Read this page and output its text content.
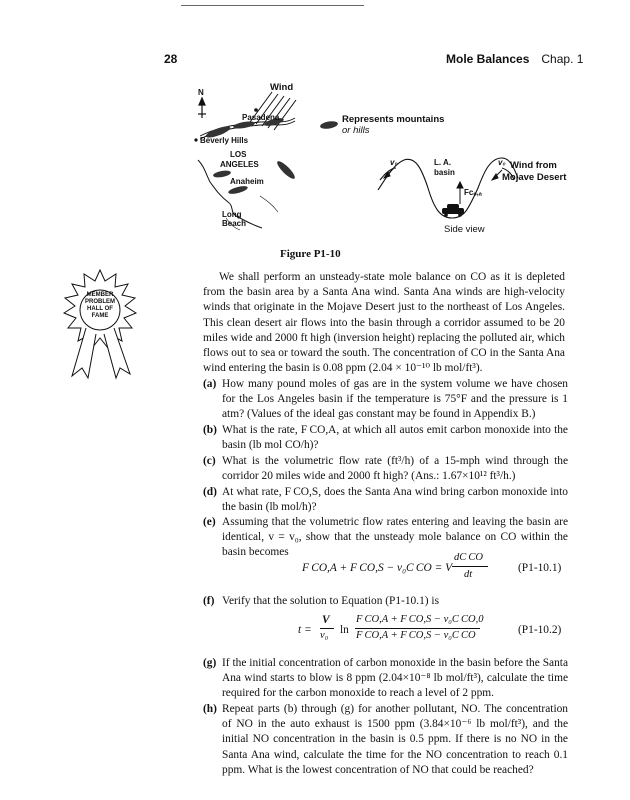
28	Mole Balances Chap. 1
N	Wind
Pasadena
Beverly Hills
LOS
ANGELES
Anaheim
Long
Beach
Represents mountains
or hills
v₀	L. A.
basin
v₀ Wind from
Mojave Desert
Fᴄₒ,ₐ
Side view
Figure P1-10
MEMBER
PROBLEM
HALL OF
FAME
We shall perform an unsteady-state mole balance on CO as it is depleted from the basin area by a Santa Ana wind. Santa Ana winds are high-velocity winds that originate in the Mojave Desert just to the northeast of Los Angeles. This clean desert air flows into the basin through a corridor assumed to be 20 miles wide and 2000 ft high (inversion height) replacing the polluted air, which flows out to sea or toward the south. The concentration of CO in the Santa Ana wind entering the basin is 0.08 ppm (2.04 × 10⁻¹⁰ lb mol/ft³).
(a) How many pound moles of gas are in the system volume we have chosen for the Los Angeles basin if the temperature is 75°F and the pressure is 1 atm? (Values of the ideal gas constant may be found in Appendix B.)
(b) What is the rate, F CO,A, at which all autos emit carbon monoxide into the basin (lb mol CO/h)?
(c) What is the volumetric flow rate (ft³/h) of a 15-mph wind through the corridor 20 miles wide and 2000 ft high? (Ans.: 1.67×10¹² ft³/h.)
(d) At what rate, F CO,S, does the Santa Ana wind bring carbon monoxide into the basin (lb mol/h)?
(e) Assuming that the volumetric flow rates entering and leaving the basin are identical, v = v₀, show that the unsteady mole balance on CO within the basin becomes
F CO,A + F CO,S − v₀C CO = V
dC CO
dt
(P1-10.1)
(f) Verify that the solution to Equation (P1-10.1) is
t =
V
v₀ ln
F CO,A + F CO,S − v₀C CO,0
F CO,A + F CO,S − v₀C CO	(P1-10.2)
(g) If the initial concentration of carbon monoxide in the basin before the Santa Ana wind starts to blow is 8 ppm (2.04×10⁻⁸ lb mol/ft³), calculate the time required for the carbon monoxide to reach a level of 2 ppm.
(h) Repeat parts (b) through (g) for another pollutant, NO. The concentration of NO in the auto exhaust is 1500 ppm (3.84×10⁻⁶ lb mol/ft³), and the initial NO concentration in the basin is 0.5 ppm. If there is no NO in the Santa Ana wind, calculate the time for the NO concentration to reach 0.1 ppm. What is the lowest concentration of NO that could be reached?
